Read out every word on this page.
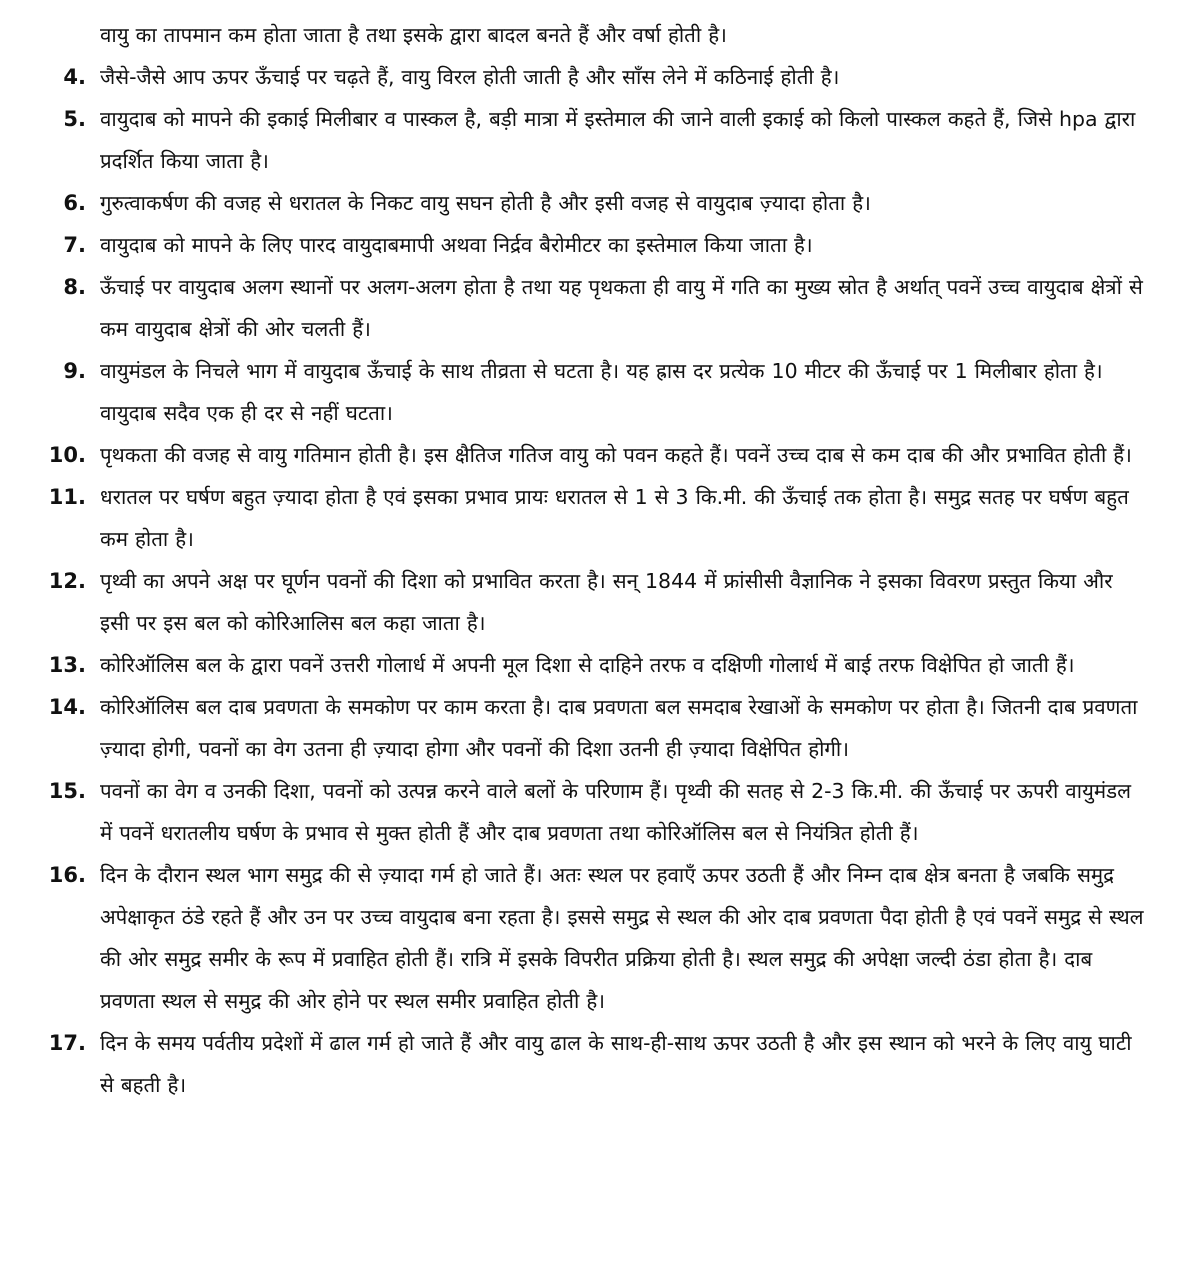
वायु का तापमान कम होता जाता है तथा इसके द्वारा बादल बनते हैं और वर्षा होती है।
4. जैसे-जैसे आप ऊपर ऊँचाई पर चढ़ते हैं, वायु विरल होती जाती है और साँस लेने में कठिनाई होती है।
5. वायुदाब को मापने की इकाई मिलीबार व पास्कल है, बड़ी मात्रा में इस्तेमाल की जाने वाली इकाई को किलो पास्कल कहते हैं, जिसे hpa द्वारा प्रदर्शित किया जाता है।
6. गुरुत्वाकर्षण की वजह से धरातल के निकट वायु सघन होती है और इसी वजह से वायुदाब ज़्यादा होता है।
7. वायुदाब को मापने के लिए पारद वायुदाबमापी अथवा निर्द्रव बैरोमीटर का इस्तेमाल किया जाता है।
8. ऊँचाई पर वायुदाब अलग स्थानों पर अलग-अलग होता है तथा यह पृथकता ही वायु में गति का मुख्य स्रोत है अर्थात् पवनें उच्च वायुदाब क्षेत्रों से कम वायुदाब क्षेत्रों की ओर चलती हैं।
9. वायुमंडल के निचले भाग में वायुदाब ऊँचाई के साथ तीव्रता से घटता है। यह ह्रास दर प्रत्येक 10 मीटर की ऊँचाई पर 1 मिलीबार होता है। वायुदाब सदैव एक ही दर से नहीं घटता।
10. पृथकता की वजह से वायु गतिमान होती है। इस क्षैतिज गतिज वायु को पवन कहते हैं। पवनें उच्च दाब से कम दाब की और प्रभावित होती हैं।
11. धरातल पर घर्षण बहुत ज़्यादा होता है एवं इसका प्रभाव प्रायः धरातल से 1 से 3 कि.मी. की ऊँचाई तक होता है। समुद्र सतह पर घर्षण बहुत कम होता है।
12. पृथ्वी का अपने अक्ष पर घूर्णन पवनों की दिशा को प्रभावित करता है। सन् 1844 में फ्रांसीसी वैज्ञानिक ने इसका विवरण प्रस्तुत किया और इसी पर इस बल को कोरिआलिस बल कहा जाता है।
13. कोरिऑलिस बल के द्वारा पवनें उत्तरी गोलार्ध में अपनी मूल दिशा से दाहिने तरफ व दक्षिणी गोलार्ध में बाई तरफ विक्षेपित हो जाती हैं।
14. कोरिऑलिस बल दाब प्रवणता के समकोण पर काम करता है। दाब प्रवणता बल समदाब रेखाओं के समकोण पर होता है। जितनी दाब प्रवणता ज़्यादा होगी, पवनों का वेग उतना ही ज़्यादा होगा और पवनों की दिशा उतनी ही ज़्यादा विक्षेपित होगी।
15. पवनों का वेग व उनकी दिशा, पवनों को उत्पन्न करने वाले बलों के परिणाम हैं। पृथ्वी की सतह से 2-3 कि.मी. की ऊँचाई पर ऊपरी वायुमंडल में पवनें धरातलीय घर्षण के प्रभाव से मुक्त होती हैं और दाब प्रवणता तथा कोरिऑलिस बल से नियंत्रित होती हैं।
16. दिन के दौरान स्थल भाग समुद्र की से ज़्यादा गर्म हो जाते हैं। अतः स्थल पर हवाएँ ऊपर उठती हैं और निम्न दाब क्षेत्र बनता है जबकि समुद्र अपेक्षाकृत ठंडे रहते हैं और उन पर उच्च वायुदाब बना रहता है। इससे समुद्र से स्थल की ओर दाब प्रवणता पैदा होती है एवं पवनें समुद्र से स्थल की ओर समुद्र समीर के रूप में प्रवाहित होती हैं। रात्रि में इसके विपरीत प्रक्रिया होती है। स्थल समुद्र की अपेक्षा जल्दी ठंडा होता है। दाब प्रवणता स्थल से समुद्र की ओर होने पर स्थल समीर प्रवाहित होती है।
17. दिन के समय पर्वतीय प्रदेशों में ढाल गर्म हो जाते हैं और वायु ढाल के साथ-ही-साथ ऊपर उठती है और इस स्थान को भरने के लिए वायु घाटी से बहती है।
